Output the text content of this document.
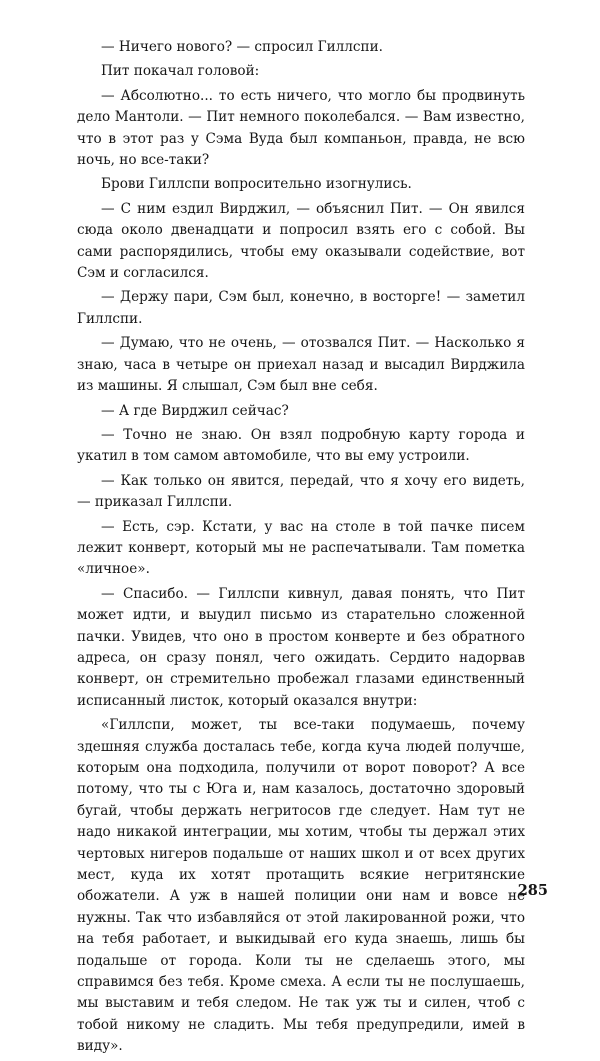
— Ничего нового? — спросил Гиллспи.

Пит покачал головой:

— Абсолютно... то есть ничего, что могло бы продвинуть дело Мантоли. — Пит немного поколебался. — Вам известно, что в этот раз у Сэма Вуда был компаньон, правда, не всю ночь, но все-таки?

Брови Гиллспи вопросительно изогнулись.

— С ним ездил Вирджил, — объяснил Пит. — Он явился сюда около двенадцати и попросил взять его с собой. Вы сами распорядились, чтобы ему оказывали содействие, вот Сэм и согласился.

— Держу пари, Сэм был, конечно, в восторге! — заметил Гиллспи.

— Думаю, что не очень, — отозвался Пит. — Насколько я знаю, часа в четыре он приехал назад и высадил Вирджила из машины. Я слышал, Сэм был вне себя.

— А где Вирджил сейчас?

— Точно не знаю. Он взял подробную карту города и укатил в том самом автомобиле, что вы ему устроили.

— Как только он явится, передай, что я хочу его видеть, — приказал Гиллспи.

— Есть, сэр. Кстати, у вас на столе в той пачке писем лежит конверт, который мы не распечатывали. Там пометка «личное».

— Спасибо. — Гиллспи кивнул, давая понять, что Пит может идти, и выудил письмо из старательно сложенной пачки. Увидев, что оно в простом конверте и без обратного адреса, он сразу понял, чего ожидать. Сердито надорвав конверт, он стремительно пробежал глазами единственный исписанный листок, который оказался внутри:

«Гиллспи, может, ты все-таки подумаешь, почему здешняя служба досталась тебе, когда куча людей получше, которым она подходила, получили от ворот поворот? А все потому, что ты с Юга и, нам казалось, достаточно здоровый бугай, чтобы держать негритосов где следует. Нам тут не надо никакой интеграции, мы хотим, чтобы ты держал этих чертовых нигеров подальше от наших школ и от всех других мест, куда их хотят протащить всякие негритянские обожатели. А уж в нашей полиции они нам и вовсе не нужны. Так что избавляйся от этой лакированной рожи, что на тебя работает, и выкидывай его куда знаешь, лишь бы подальше от города. Коли ты не сделаешь этого, мы справимся без тебя. Кроме смеха. А если ты не послушаешь, мы выставим и тебя следом. Не так уж ты и силен, чтоб с тобой никому не сладить. Мы тебя предупредили, имей в виду».

285
